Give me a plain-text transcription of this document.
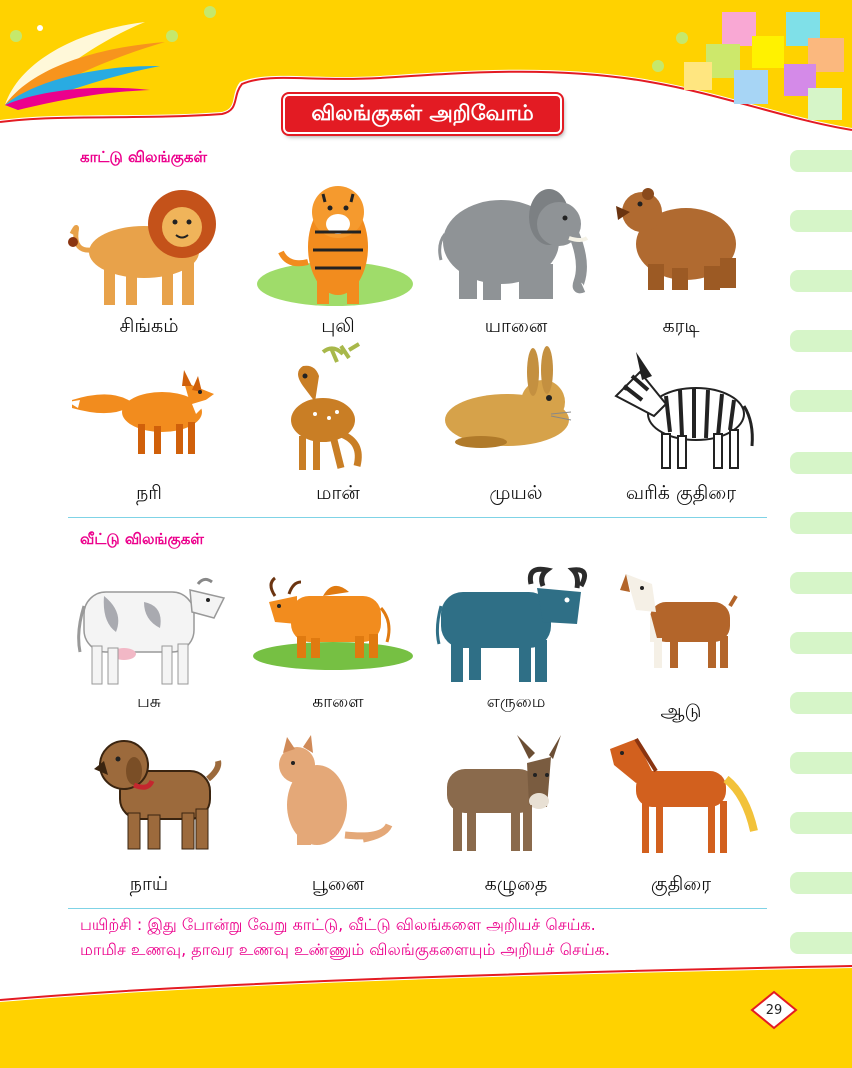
விலங்குகள் அறிவோம்
காட்டு விலங்குகள்
சிங்கம்	புலி	யானை	கரடி
நரி	மான்	முயல்	வரிக் குதிரை
வீட்டு விலங்குகள்
பசு	காளை	எருமை	ஆடு
நாய்	பூனை	கழுதை	குதிரை
பயிற்சி : இது போன்று வேறு காட்டு, வீட்டு விலங்களை அறியச் செய்க.
மாமிச உணவு, தாவர உணவு உண்ணும் விலங்குகளையும் அறியச் செய்க.
29
